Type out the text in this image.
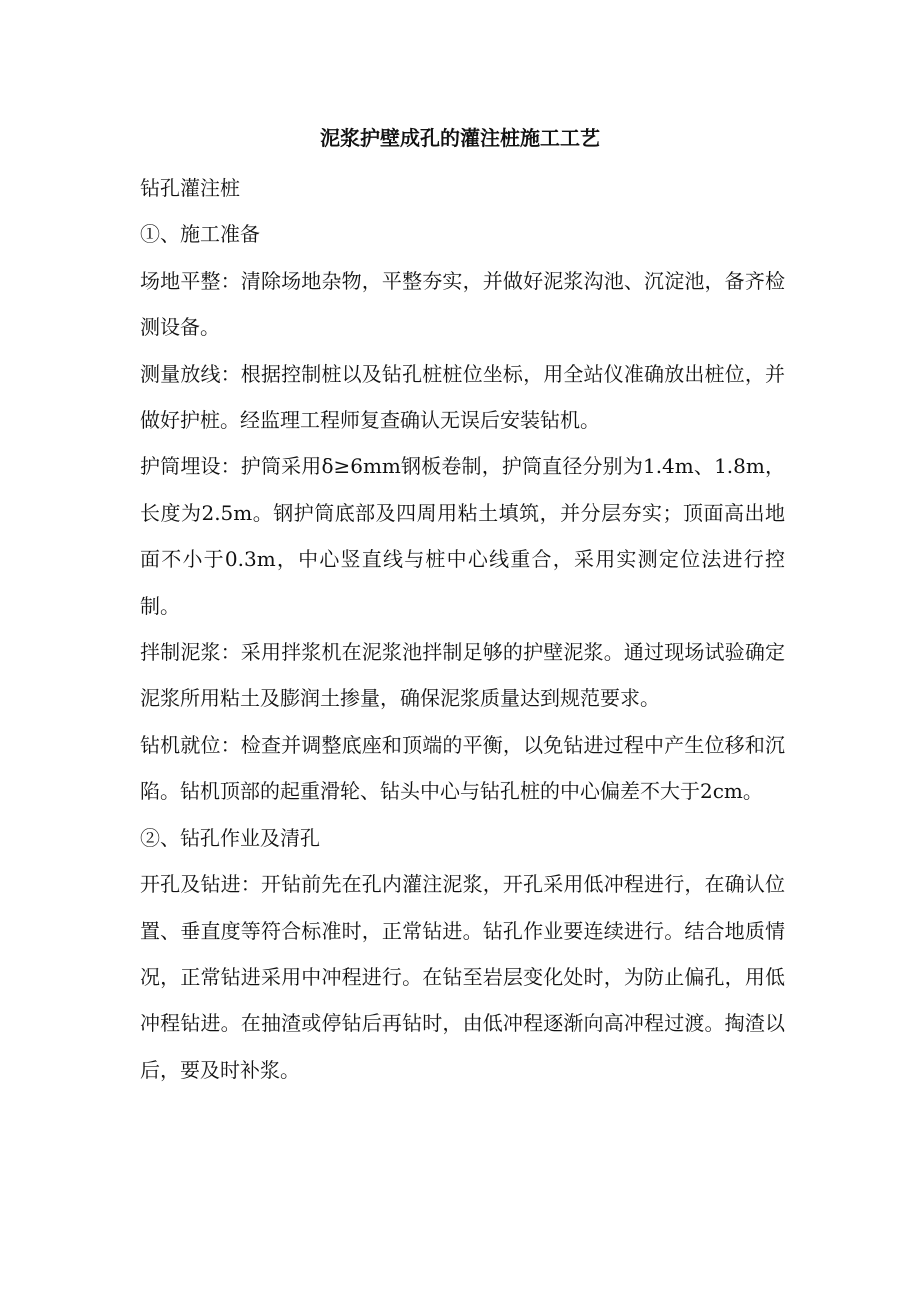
泥浆护壁成孔的灌注桩施工工艺

钻孔灌注桩

①、施工准备

场地平整：清除场地杂物，平整夯实，并做好泥浆沟池、沉淀池，备齐检测设备。

测量放线：根据控制桩以及钻孔桩桩位坐标，用全站仪准确放出桩位，并做好护桩。经监理工程师复查确认无误后安装钻机。

护筒埋设：护筒采用δ≥6mm钢板卷制，护筒直径分别为1.4m、1.8m，长度为2.5m。钢护筒底部及四周用粘土填筑，并分层夯实；顶面高出地面不小于0.3m，中心竖直线与桩中心线重合，采用实测定位法进行控制。

拌制泥浆：采用拌浆机在泥浆池拌制足够的护壁泥浆。通过现场试验确定泥浆所用粘土及膨润土掺量，确保泥浆质量达到规范要求。

钻机就位：检查并调整底座和顶端的平衡，以免钻进过程中产生位移和沉陷。钻机顶部的起重滑轮、钻头中心与钻孔桩的中心偏差不大于2cm。

②、钻孔作业及清孔

开孔及钻进：开钻前先在孔内灌注泥浆，开孔采用低冲程进行，在确认位置、垂直度等符合标准时，正常钻进。钻孔作业要连续进行。结合地质情况，正常钻进采用中冲程进行。在钻至岩层变化处时，为防止偏孔，用低冲程钻进。在抽渣或停钻后再钻时，由低冲程逐渐向高冲程过渡。掏渣以后，要及时补浆。
